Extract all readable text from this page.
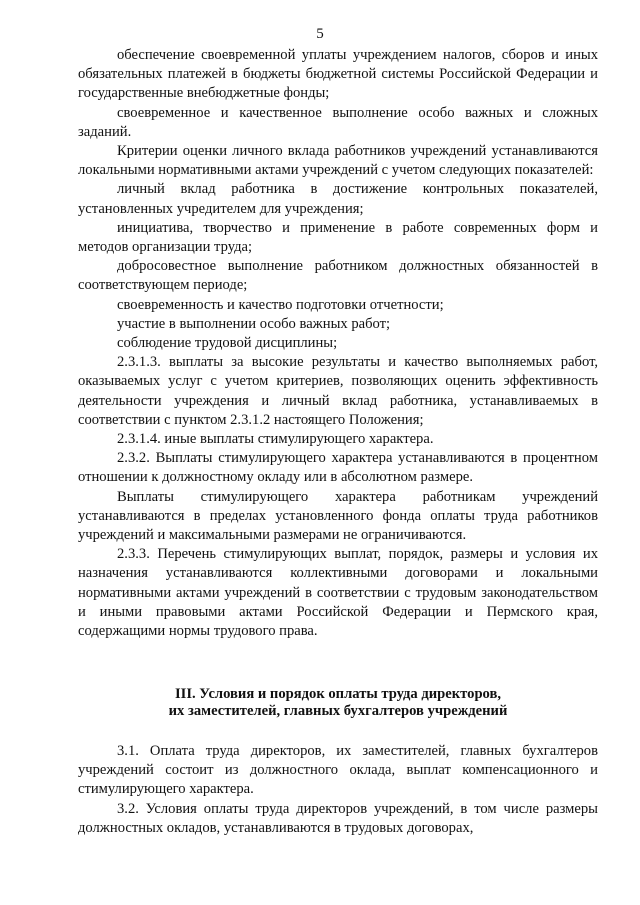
5

обеспечение своевременной уплаты учреждением налогов, сборов и иных обязательных платежей в бюджеты бюджетной системы Российской Федерации и государственные внебюджетные фонды;

своевременное и качественное выполнение особо важных и сложных заданий.

Критерии оценки личного вклада работников учреждений устанавливаются локальными нормативными актами учреждений с учетом следующих показателей:

личный вклад работника в достижение контрольных показателей, установленных учредителем для учреждения;

инициатива, творчество и применение в работе современных форм и методов организации труда;

добросовестное выполнение работником должностных обязанностей в соответствующем периоде;

своевременность и качество подготовки отчетности;

участие в выполнении особо важных работ;

соблюдение трудовой дисциплины;

2.3.1.3. выплаты за высокие результаты и качество выполняемых работ, оказываемых услуг с учетом критериев, позволяющих оценить эффективность деятельности учреждения и личный вклад работника, устанавливаемых в соответствии с пунктом 2.3.1.2 настоящего Положения;

2.3.1.4. иные выплаты стимулирующего характера.

2.3.2. Выплаты стимулирующего характера устанавливаются в процентном отношении к должностному окладу или в абсолютном размере.

Выплаты стимулирующего характера работникам учреждений устанавливаются в пределах установленного фонда оплаты труда работников учреждений и максимальными размерами не ограничиваются.

2.3.3. Перечень стимулирующих выплат, порядок, размеры и условия их назначения устанавливаются коллективными договорами и локальными нормативными актами учреждений в соответствии с трудовым законодательством и иными правовыми актами Российской Федерации и Пермского края, содержащими нормы трудового права.

III. Условия и порядок оплаты труда директоров,
их заместителей, главных бухгалтеров учреждений

3.1. Оплата труда директоров, их заместителей, главных бухгалтеров учреждений состоит из должностного оклада, выплат компенсационного и стимулирующего характера.

3.2. Условия оплаты труда директоров учреждений, в том числе размеры должностных окладов, устанавливаются в трудовых договорах,
